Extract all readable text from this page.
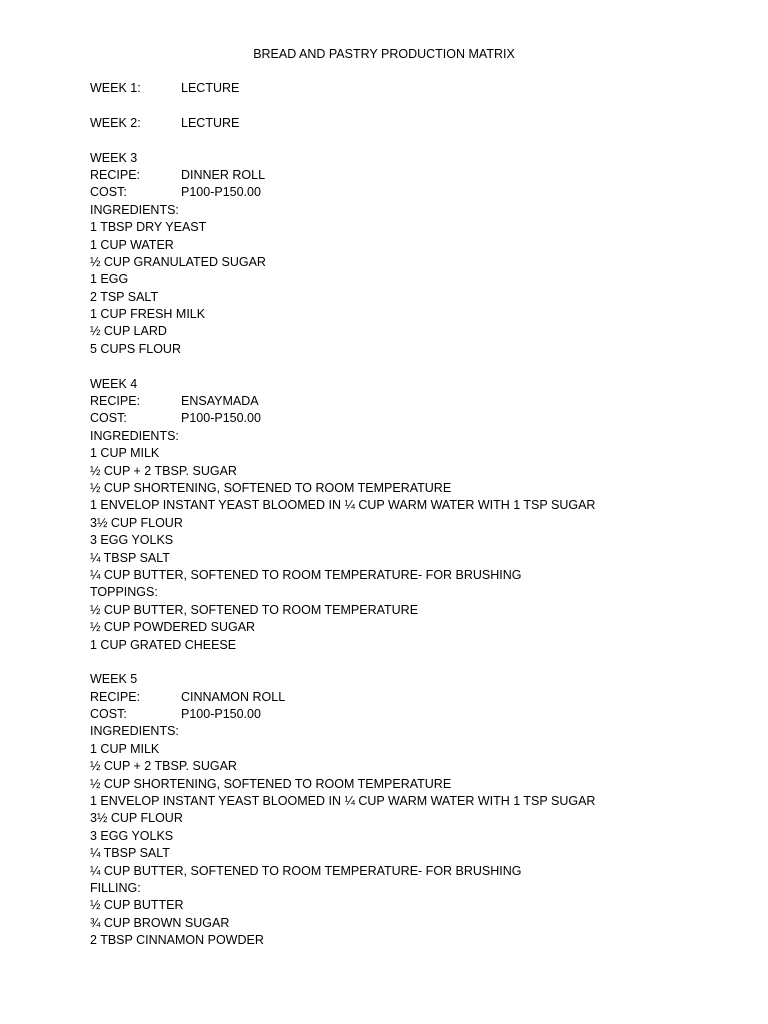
BREAD AND PASTRY PRODUCTION MATRIX
WEEK 1:	LECTURE
WEEK 2:	LECTURE
WEEK 3
RECIPE:	DINNER ROLL
COST:	P100-P150.00
INGREDIENTS:
1 TBSP DRY YEAST
1 CUP WATER
½ CUP GRANULATED SUGAR
1 EGG
2 TSP SALT
1 CUP FRESH MILK
½ CUP LARD
5 CUPS FLOUR
WEEK 4
RECIPE:	ENSAYMADA
COST:	P100-P150.00
INGREDIENTS:
1 CUP MILK
½ CUP + 2 TBSP. SUGAR
½ CUP SHORTENING, SOFTENED TO ROOM TEMPERATURE
1 ENVELOP INSTANT YEAST BLOOMED IN ¼ CUP WARM WATER WITH 1 TSP SUGAR
3½ CUP FLOUR
3 EGG YOLKS
¼ TBSP SALT
¼ CUP BUTTER, SOFTENED TO ROOM TEMPERATURE- FOR BRUSHING
TOPPINGS:
½ CUP BUTTER, SOFTENED TO ROOM TEMPERATURE
½ CUP POWDERED SUGAR
1 CUP GRATED CHEESE
WEEK 5
RECIPE:	CINNAMON ROLL
COST:	P100-P150.00
INGREDIENTS:
1 CUP MILK
½ CUP + 2 TBSP. SUGAR
½ CUP SHORTENING, SOFTENED TO ROOM TEMPERATURE
1 ENVELOP INSTANT YEAST BLOOMED IN ¼ CUP WARM WATER WITH 1 TSP SUGAR
3½ CUP FLOUR
3 EGG YOLKS
¼ TBSP SALT
¼ CUP BUTTER, SOFTENED TO ROOM TEMPERATURE- FOR BRUSHING
FILLING:
½ CUP BUTTER
¾ CUP BROWN SUGAR
2 TBSP CINNAMON POWDER
